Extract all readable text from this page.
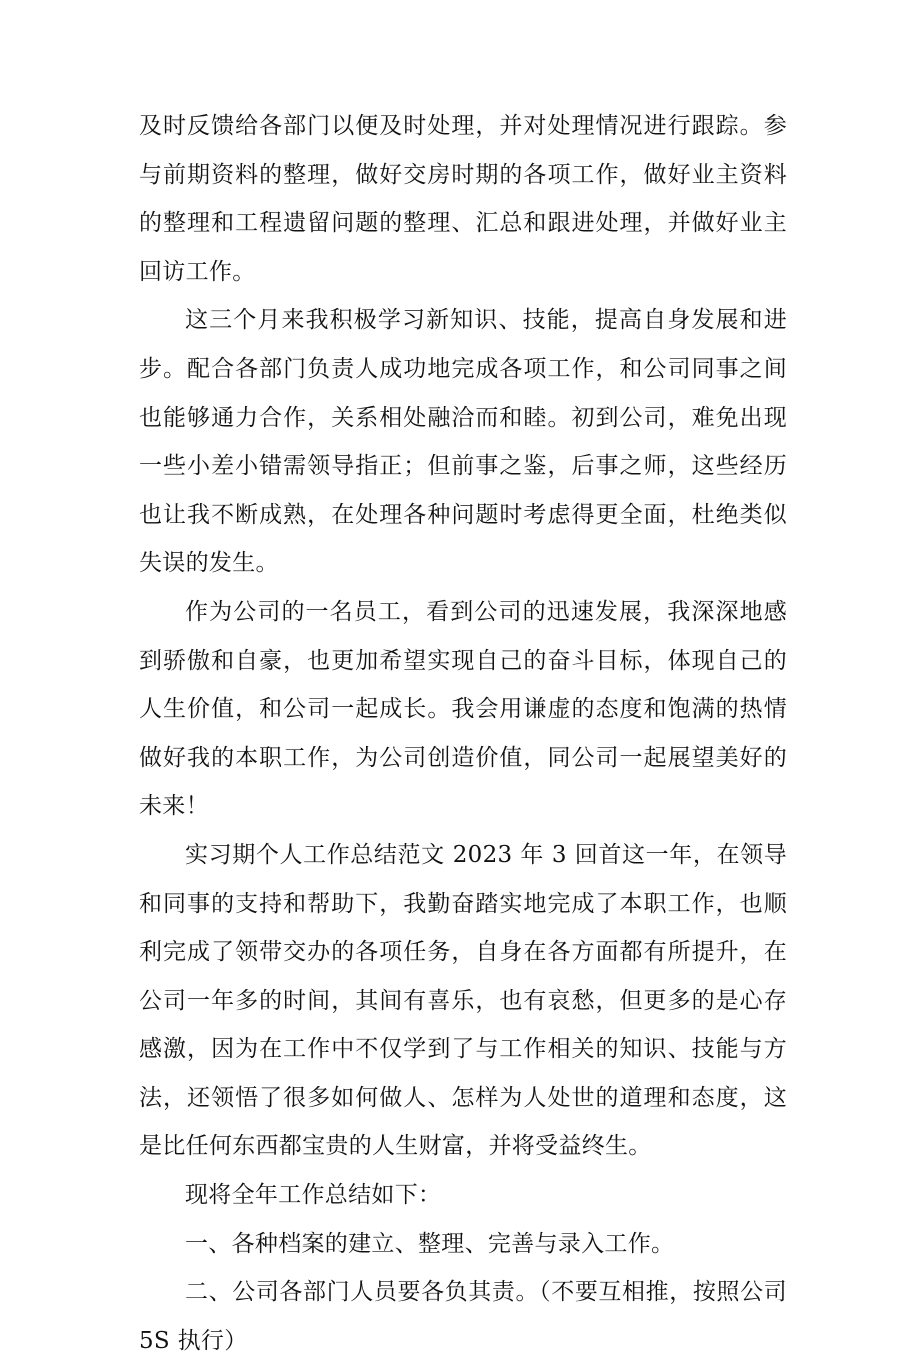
及时反馈给各部门以便及时处理，并对处理情况进行跟踪。参与前期资料的整理，做好交房时期的各项工作，做好业主资料的整理和工程遗留问题的整理、汇总和跟进处理，并做好业主回访工作。

这三个月来我积极学习新知识、技能，提高自身发展和进步。配合各部门负责人成功地完成各项工作，和公司同事之间也能够通力合作，关系相处融洽而和睦。初到公司，难免出现一些小差小错需领导指正；但前事之鉴，后事之师，这些经历也让我不断成熟，在处理各种问题时考虑得更全面，杜绝类似失误的发生。

作为公司的一名员工，看到公司的迅速发展，我深深地感到骄傲和自豪，也更加希望实现自己的奋斗目标，体现自己的人生价值，和公司一起成长。我会用谦虚的态度和饱满的热情做好我的本职工作，为公司创造价值，同公司一起展望美好的未来！

实习期个人工作总结范文 2023 年 3 回首这一年，在领导和同事的支持和帮助下，我勤奋踏实地完成了本职工作，也顺利完成了领带交办的各项任务，自身在各方面都有所提升，在公司一年多的时间，其间有喜乐，也有哀愁，但更多的是心存感激，因为在工作中不仅学到了与工作相关的知识、技能与方法，还领悟了很多如何做人、怎样为人处世的道理和态度，这是比任何东西都宝贵的人生财富，并将受益终生。

现将全年工作总结如下：

一、各种档案的建立、整理、完善与录入工作。

二、公司各部门人员要各负其责。（不要互相推，按照公司 5S 执行）
